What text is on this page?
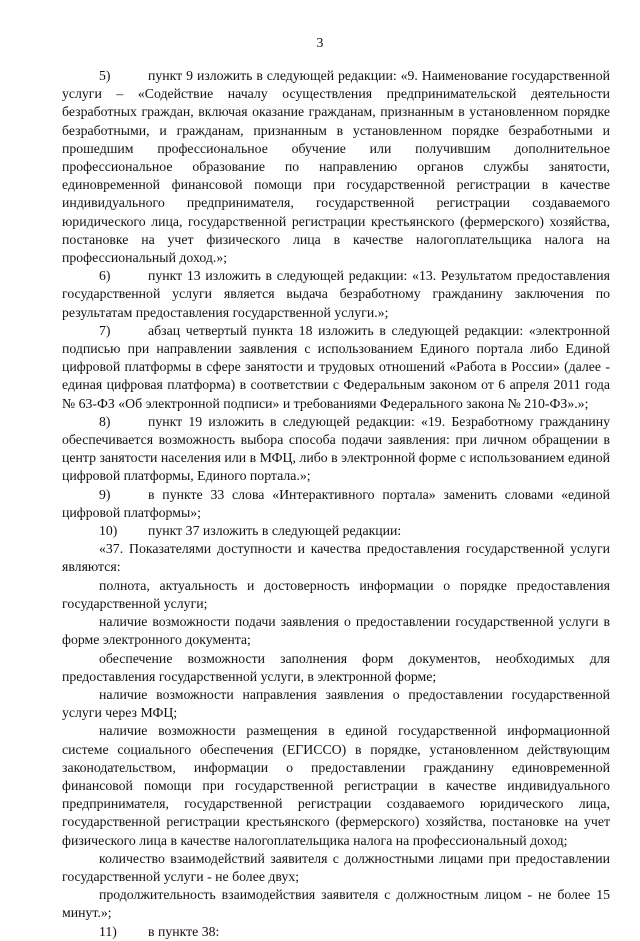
3

5)	пункт 9 изложить в следующей редакции: «9. Наименование государственной услуги – «Содействие началу осуществления предпринимательской деятельности безработных граждан, включая оказание гражданам, признанным в установленном порядке безработными, и гражданам, признанным в установленном порядке безработными и прошедшим профессиональное обучение или получившим дополнительное профессиональное образование по направлению органов службы занятости, единовременной финансовой помощи при государственной регистрации в качестве индивидуального предпринимателя, государственной регистрации создаваемого юридического лица, государственной регистрации крестьянского (фермерского) хозяйства, постановке на учет физического лица в качестве налогоплательщика налога на профессиональный доход.»;

6)	пункт 13 изложить в следующей редакции: «13. Результатом предоставления государственной услуги является выдача безработному гражданину заключения по результатам предоставления государственной услуги.»;

7)	абзац четвертый пункта 18 изложить в следующей редакции: «электронной подписью при направлении заявления с использованием Единого портала либо Единой цифровой платформы в сфере занятости и трудовых отношений «Работа в России» (далее - единая цифровая платформа) в соответствии с Федеральным законом от 6 апреля 2011 года № 63-ФЗ «Об электронной подписи» и требованиями Федерального закона № 210-ФЗ».»;

8)	пункт 19 изложить в следующей редакции: «19. Безработному гражданину обеспечивается возможность выбора способа подачи заявления: при личном обращении в центр занятости населения или в МФЦ, либо в электронной форме с использованием единой цифровой платформы, Единого портала.»;

9)	в пункте 33 слова «Интерактивного портала» заменить словами «единой цифровой платформы»;

10) пункт 37 изложить в следующей редакции:

«37. Показателями доступности и качества предоставления государственной услуги являются:

полнота, актуальность и достоверность информации о порядке предоставления государственной услуги;

наличие возможности подачи заявления о предоставлении государственной услуги в форме электронного документа;

обеспечение возможности заполнения форм документов, необходимых для предоставления государственной услуги, в электронной форме;

наличие возможности направления заявления о предоставлении государственной услуги через МФЦ;

наличие возможности размещения в единой государственной информационной системе социального обеспечения (ЕГИССО) в порядке, установленном действующим законодательством, информации о предоставлении гражданину единовременной финансовой помощи при государственной регистрации в качестве индивидуального предпринимателя, государственной регистрации создаваемого юридического лица, государственной регистрации крестьянского (фермерского) хозяйства, постановке на учет физического лица в качестве налогоплательщика налога на профессиональный доход;

количество взаимодействий заявителя с должностными лицами при предоставлении государственной услуги - не более двух;

продолжительность взаимодействия заявителя с должностным лицом - не более 15 минут.»;

11) в пункте 38:
